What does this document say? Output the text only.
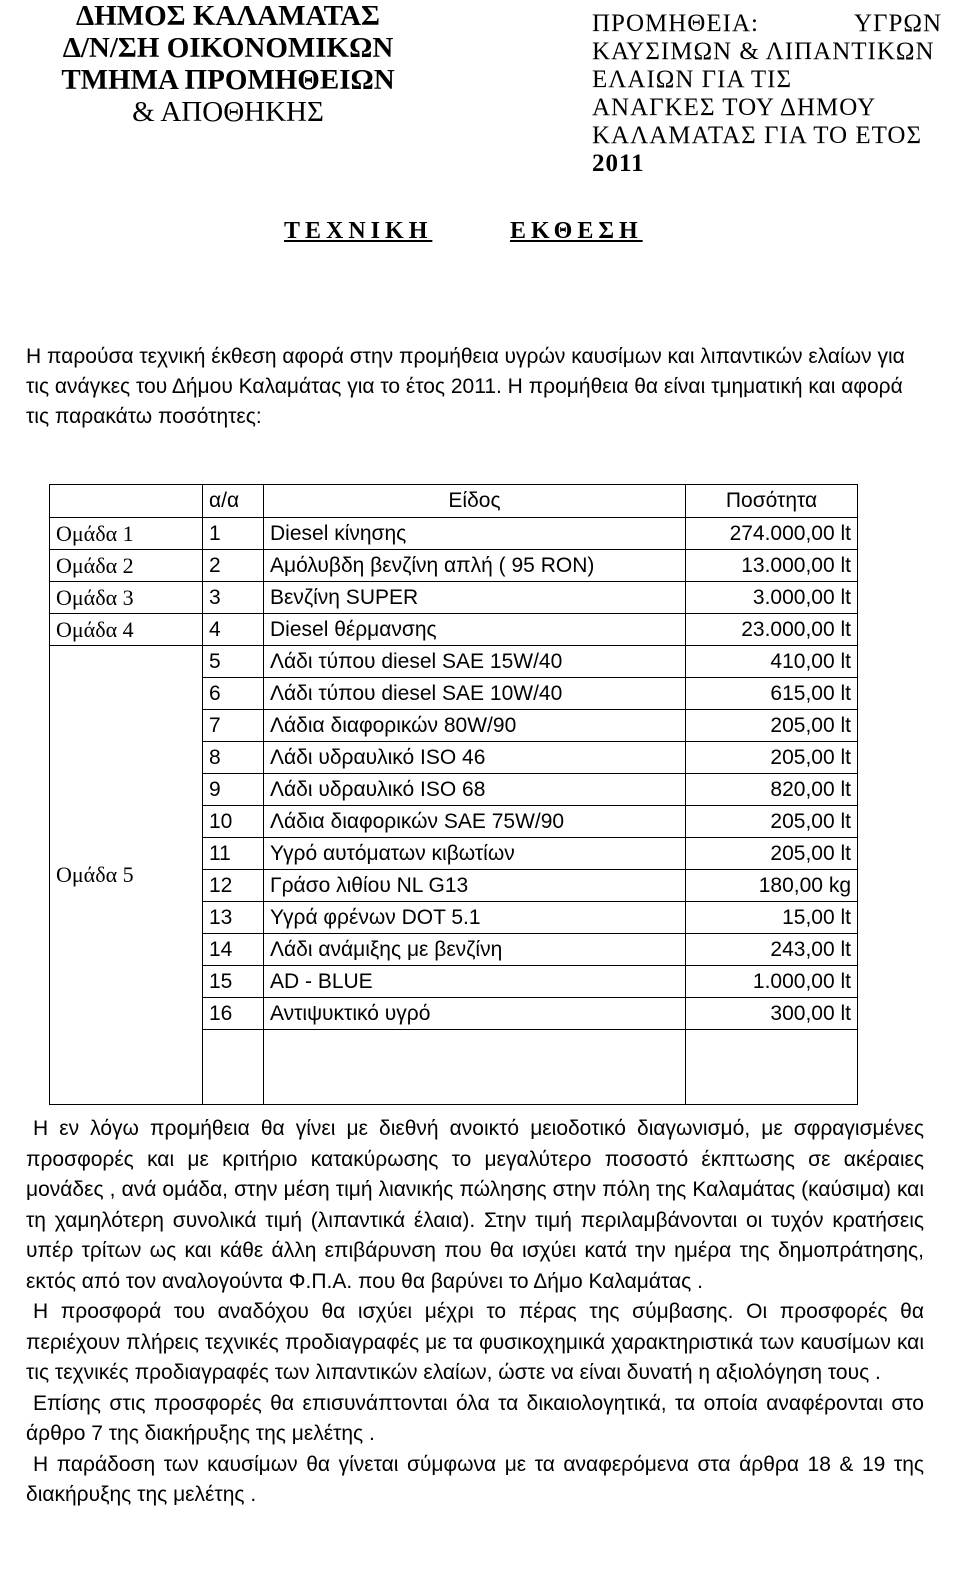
ΔΗΜΟΣ ΚΑΛΑΜΑΤΑΣ
Δ/Ν/ΣΗ ΟΙΚΟΝΟΜΙΚΩΝ
ΤΜΗΜΑ ΠΡΟΜΗΘΕΙΩΝ
& ΑΠΟΘΗΚΗΣ
ΠΡΟΜΗΘΕΙΑ:	ΥΓΡΩΝ
ΚΑΥΣΙΜΩΝ & ΛΙΠΑΝΤΙΚΩΝ
ΕΛΑΙΩΝ ΓΙΑ ΤΙΣ
ΑΝΑΓΚΕΣ ΤΟΥ ΔΗΜΟΥ
ΚΑΛΑΜΑΤΑΣ ΓΙΑ ΤΟ ΕΤΟΣ
2011
ΤΕΧΝΙΚΗ	ΕΚΘΕΣΗ

Η παρούσα τεχνική έκθεση αφορά στην προμήθεια υγρών καυσίμων και λιπαντικών ελαίων για τις ανάγκες του Δήμου Καλαμάτας για το έτος 2011. Η προμήθεια θα είναι τμηματική και αφορά τις παρακάτω ποσότητες:

	α/α	Είδος	Ποσότητα
Ομάδα 1	1	Diesel κίνησης	274.000,00 lt
Ομάδα 2	2	Αμόλυβδη βενζίνη απλή ( 95 RON)	13.000,00 lt
Ομάδα 3	3	Βενζίνη SUPER	3.000,00 lt
Ομάδα 4	4	Diesel θέρμανσης	23.000,00 lt
Ομάδα 5	5	Λάδι τύπου diesel SAE 15W/40	410,00 lt
	6	Λάδι τύπου diesel SAE 10W/40	615,00 lt
	7	Λάδια διαφορικών 80W/90	205,00 lt
	8	Λάδι υδραυλικό ISO 46	205,00 lt
	9	Λάδι υδραυλικό ISO 68	820,00 lt
	10	Λάδια διαφορικών SAE 75W/90	205,00 lt
	11	Υγρό αυτόματων κιβωτίων	205,00 lt
	12	Γράσο λιθίου NL G13	180,00 kg
	13	Υγρά φρένων DOT 5.1	15,00 lt
	14	Λάδι ανάμιξης με βενζίνη	243,00 lt
	15	AD - BLUE	1.000,00 lt
	16	Αντιψυκτικό υγρό	300,00 lt

Η εν λόγω προμήθεια θα γίνει με διεθνή ανοικτό μειοδοτικό διαγωνισμό, με σφραγισμένες προσφορές και με κριτήριο κατακύρωσης το μεγαλύτερο ποσοστό έκπτωσης σε ακέραιες μονάδες , ανά ομάδα, στην μέση τιμή λιανικής πώλησης στην πόλη της Καλαμάτας (καύσιμα) και τη χαμηλότερη συνολικά τιμή (λιπαντικά έλαια). Στην τιμή περιλαμβάνονται οι τυχόν κρατήσεις υπέρ τρίτων ως και κάθε άλλη επιβάρυνση που θα ισχύει κατά την ημέρα της δημοπράτησης, εκτός από τον αναλογούντα Φ.Π.Α. που θα βαρύνει το Δήμο Καλαμάτας .

Η προσφορά του αναδόχου θα ισχύει μέχρι το πέρας της σύμβασης. Οι προσφορές θα περιέχουν πλήρεις τεχνικές προδιαγραφές με τα φυσικοχημικά χαρακτηριστικά των καυσίμων και τις τεχνικές προδιαγραφές των λιπαντικών ελαίων, ώστε να είναι δυνατή η αξιολόγηση τους .

Επίσης στις προσφορές θα επισυνάπτονται όλα τα δικαιολογητικά, τα οποία αναφέρονται στο άρθρο 7 της διακήρυξης της μελέτης .

Η παράδοση των καυσίμων θα γίνεται σύμφωνα με τα αναφερόμενα στα άρθρα 18 & 19 της διακήρυξης της μελέτης .
